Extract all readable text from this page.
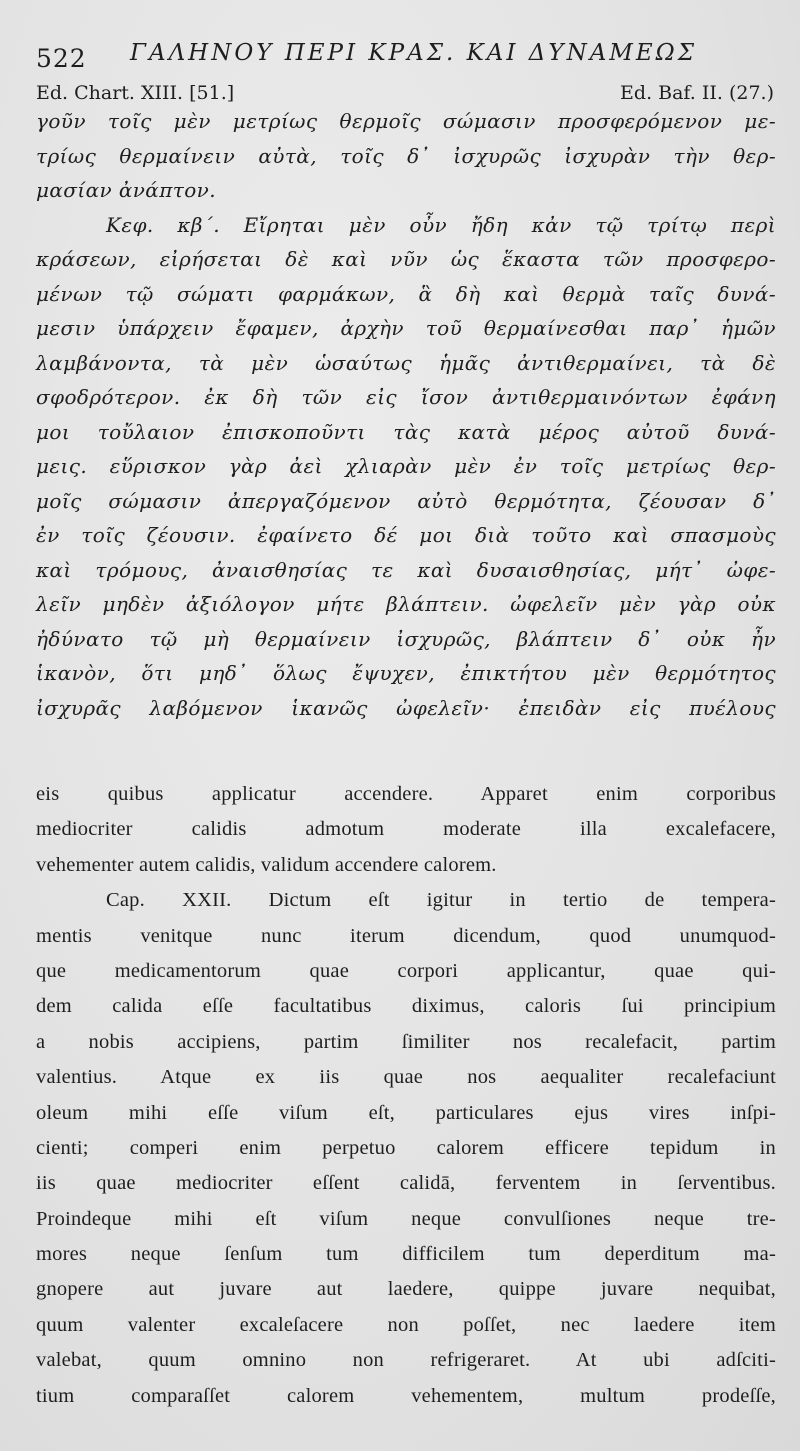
522 ΓΑΛΗΝΟΥ ΠΕΡΙ ΚΡΑΣ. ΚΑΙ ΔΥΝΑΜΕΩΣ
Ed. Chart. XIII. [51.]	Ed. Baf. II. (27.)
γοῦν τοῖς μὲν μετρίως θερμοῖς σώμασιν προσφερόμενον με-
τρίως θερμαίνειν αὐτὰ, τοῖς δ᾽ ἰσχυρῶς ἰσχυρὰν τὴν θερ-
μασίαν ἀνάπτον.
Κεφ. κβ΄. Εἴρηται μὲν οὖν ἤδη κἀν τῷ τρίτῳ περὶ
κράσεων, εἰρήσεται δὲ καὶ νῦν ὡς ἕκαστα τῶν προσφερο-
μένων τῷ σώματι φαρμάκων, ἃ δὴ καὶ θερμὰ ταῖς δυνά-
μεσιν ὑπάρχειν ἔφαμεν, ἀρχὴν τοῦ θερμαίνεσθαι παρ᾽ ἡμῶν
λαμβάνοντα, τὰ μὲν ὡσαύτως ἡμᾶς ἀντιθερμαίνει, τὰ δὲ
σφοδρότερον. ἐκ δὴ τῶν εἰς ἴσον ἀντιθερμαινόντων ἐφάνη
μοι τοὔλαιον ἐπισκοποῦντι τὰς κατὰ μέρος αὐτοῦ δυνά-
μεις. εὕρισκον γὰρ ἀεὶ χλιαρὰν μὲν ἐν τοῖς μετρίως θερ-
μοῖς σώμασιν ἀπεργαζόμενον αὐτὸ θερμότητα, ζέουσαν δ᾽
ἐν τοῖς ζέουσιν. ἐφαίνετο δέ μοι διὰ τοῦτο καὶ σπασμοὺς
καὶ τρόμους, ἀναισθησίας τε καὶ δυσαισθησίας, μήτ᾽ ὠφε-
λεῖν μηδὲν ἀξιόλογον μήτε βλάπτειν. ὠφελεῖν μὲν γὰρ οὐκ
ἠδύνατο τῷ μὴ θερμαίνειν ἰσχυρῶς, βλάπτειν δ᾽ οὐκ ἦν
ἱκανὸν, ὅτι μηδ᾽ ὅλως ἔψυχεν, ἐπικτήτου μὲν θερμότητος
ἰσχυρᾶς λαβόμενον ἱκανῶς ὠφελεῖν· ἐπειδὰν εἰς πυέλους
eis quibus applicatur accendere. Apparet enim corporibus
mediocriter calidis admotum moderate illa excalefacere,
vehementer autem calidis, validum accendere calorem.
Cap. XXII. Dictum eſt igitur in tertio de tempera-
mentis venitque nunc iterum dicendum, quod unumquod-
que medicamentorum quae corpori applicantur, quae qui-
dem calida eſſe facultatibus diximus, caloris ſui principium
a nobis accipiens, partim ſimiliter nos recalefacit, partim
valentius. Atque ex iis quae nos aequaliter recalefaciunt
oleum mihi eſſe viſum eſt, particulares ejus vires inſpi-
cienti; comperi enim perpetuo calorem efficere tepidum in
iis quae mediocriter eſſent calidā, ferventem in ſerventibus.
Proindeque mihi eſt viſum neque convulſiones neque tre-
mores neque ſenſum tum difficilem tum deperditum ma-
gnopere aut juvare aut laedere, quippe juvare nequibat,
quum valenter excaleſacere non poſſet, nec laedere item
valebat, quum omnino non refrigeraret. At ubi adſciti-
tium comparaſſet calorem vehementem, multum prodeſſe,
